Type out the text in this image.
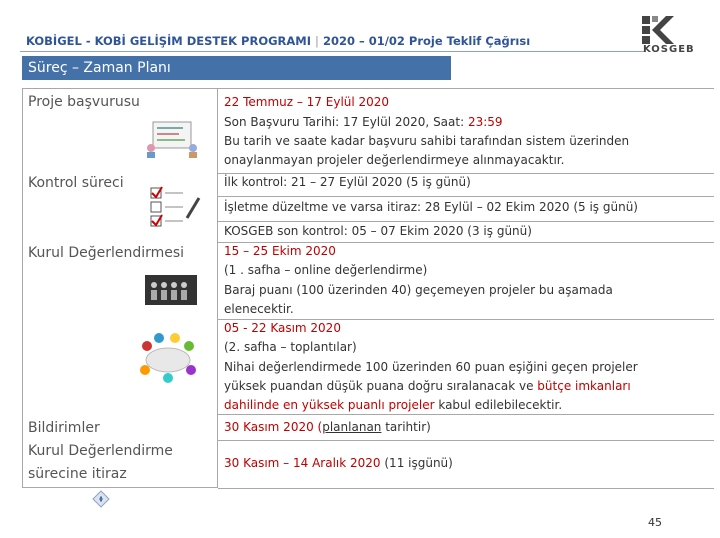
KOBİGEL - KOBİ GELİŞİM DESTEK PROGRAMI | 2020 – 01/02 Proje Teklif Çağrısı
KOSGEB
Süreç – Zaman Planı
Proje başvurusu
Kontrol süreci
Kurul Değerlendirmesi
Bildirimler
Kurul Değerlendirme
sürecine itiraz
22 Temmuz – 17 Eylül 2020
Son Başvuru Tarihi: 17 Eylül 2020, Saat: 23:59
Bu tarih ve saate kadar başvuru sahibi tarafından sistem üzerinden
onaylanmayan projeler değerlendirmeye alınmayacaktır.
İlk kontrol: 21 – 27 Eylül 2020 (5 iş günü)
İşletme düzeltme ve varsa itiraz: 28 Eylül – 02 Ekim 2020 (5 iş günü)
KOSGEB son kontrol: 05 – 07 Ekim 2020 (3 iş günü)
15 – 25 Ekim 2020
(1 . safha – online değerlendirme)
Baraj puanı (100 üzerinden 40) geçemeyen projeler bu aşamada
elenecektir.
05 - 22 Kasım 2020
(2. safha – toplantılar)
Nihai değerlendirmede 100 üzerinden 60 puan eşiğini geçen projeler
yüksek puandan düşük puana doğru sıralanacak ve bütçe imkanları
dahilinde en yüksek puanlı projeler kabul edilebilecektir.
30 Kasım 2020 (planlanan tarihtir)
30 Kasım – 14 Aralık 2020 (11 işgünü)
45
